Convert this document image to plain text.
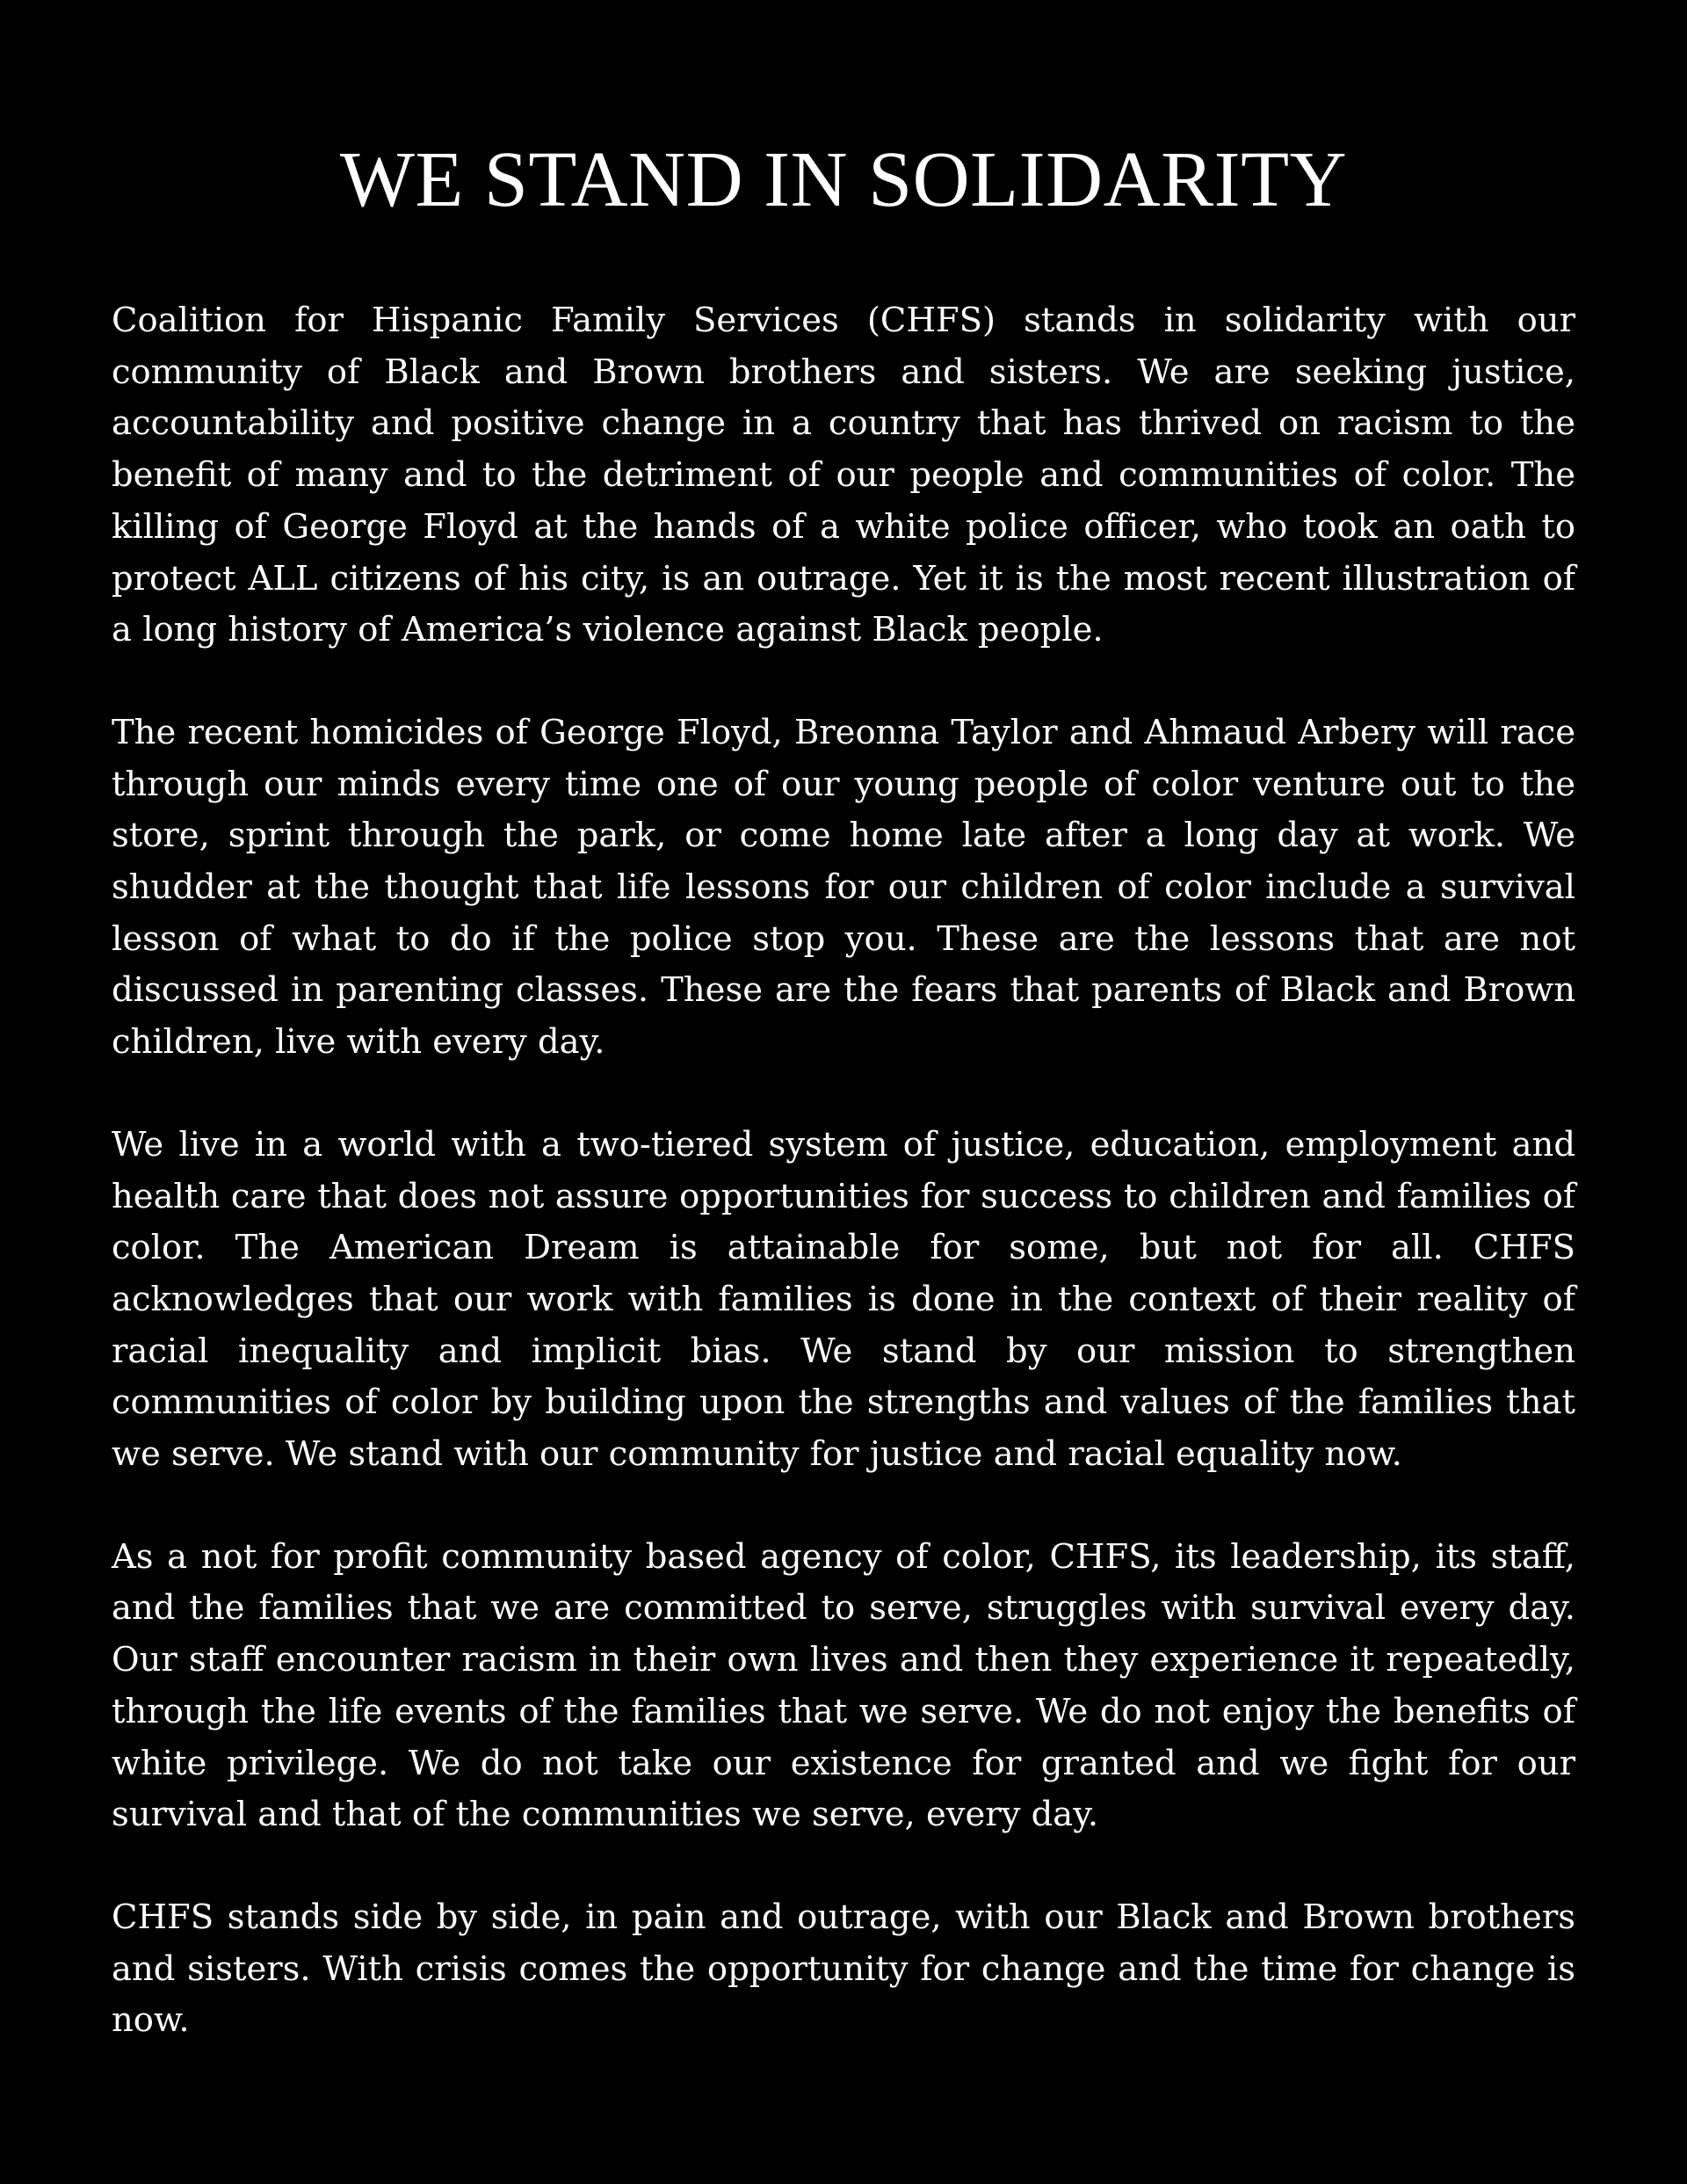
WE STAND IN SOLIDARITY

Coalition for Hispanic Family Services (CHFS) stands in solidarity with our community of Black and Brown brothers and sisters. We are seeking justice, accountability and positive change in a country that has thrived on racism to the benefit of many and to the detriment of our people and communities of color. The killing of George Floyd at the hands of a white police officer, who took an oath to protect ALL citizens of his city, is an outrage. Yet it is the most recent illustration of a long history of America’s violence against Black people.

The recent homicides of George Floyd, Breonna Taylor and Ahmaud Arbery will race through our minds every time one of our young people of color venture out to the store, sprint through the park, or come home late after a long day at work. We shudder at the thought that life lessons for our children of color include a survival lesson of what to do if the police stop you. These are the lessons that are not discussed in parenting classes. These are the fears that parents of Black and Brown children, live with every day.

We live in a world with a two-tiered system of justice, education, employment and health care that does not assure opportunities for success to children and families of color. The American Dream is attainable for some, but not for all. CHFS acknowledges that our work with families is done in the context of their reality of racial inequality and implicit bias. We stand by our mission to strengthen communities of color by building upon the strengths and values of the families that we serve. We stand with our community for justice and racial equality now.

As a not for profit community based agency of color, CHFS, its leadership, its staff, and the families that we are committed to serve, struggles with survival every day. Our staff encounter racism in their own lives and then they experience it repeatedly, through the life events of the families that we serve. We do not enjoy the benefits of white privilege. We do not take our existence for granted and we fight for our survival and that of the communities we serve, every day.

CHFS stands side by side, in pain and outrage, with our Black and Brown brothers and sisters. With crisis comes the opportunity for change and the time for change is now.
